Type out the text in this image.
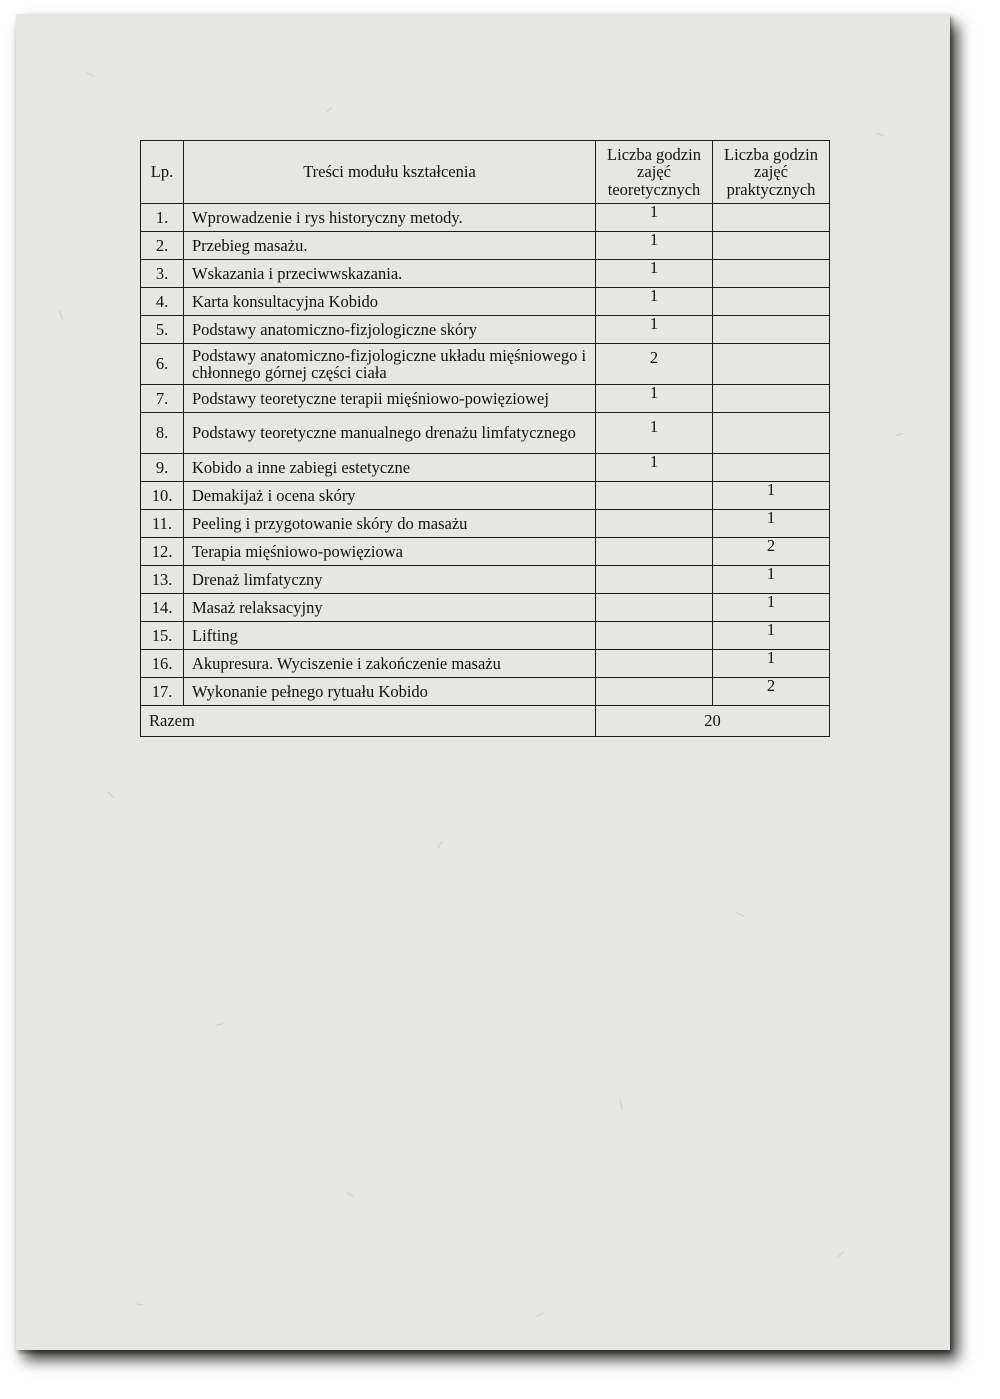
Lp.	Treści modułu kształcenia	Liczba godzin zajęć teoretycznych	Liczba godzin zajęć praktycznych
1.	Wprowadzenie i rys historyczny metody.	1	
2.	Przebieg masażu.	1	
3.	Wskazania i przeciwwskazania.	1	
4.	Karta konsultacyjna Kobido	1	
5.	Podstawy anatomiczno-fizjologiczne skóry	1	
6.	Podstawy anatomiczno-fizjologiczne układu mięśniowego i chłonnego górnej części ciała	2	
7.	Podstawy teoretyczne terapii mięśniowo-powięziowej	1	
8.	Podstawy teoretyczne manualnego drenażu limfatycznego	1	
9.	Kobido a inne zabiegi estetyczne	1	
10.	Demakijaż i ocena skóry		1
11.	Peeling i przygotowanie skóry do masażu		1
12.	Terapia mięśniowo-powięziowa		2
13.	Drenaż limfatyczny		1
14.	Masaż relaksacyjny		1
15.	Lifting		1
16.	Akupresura. Wyciszenie i zakończenie masażu		1
17.	Wykonanie pełnego rytuału Kobido		2
Razem		20	
